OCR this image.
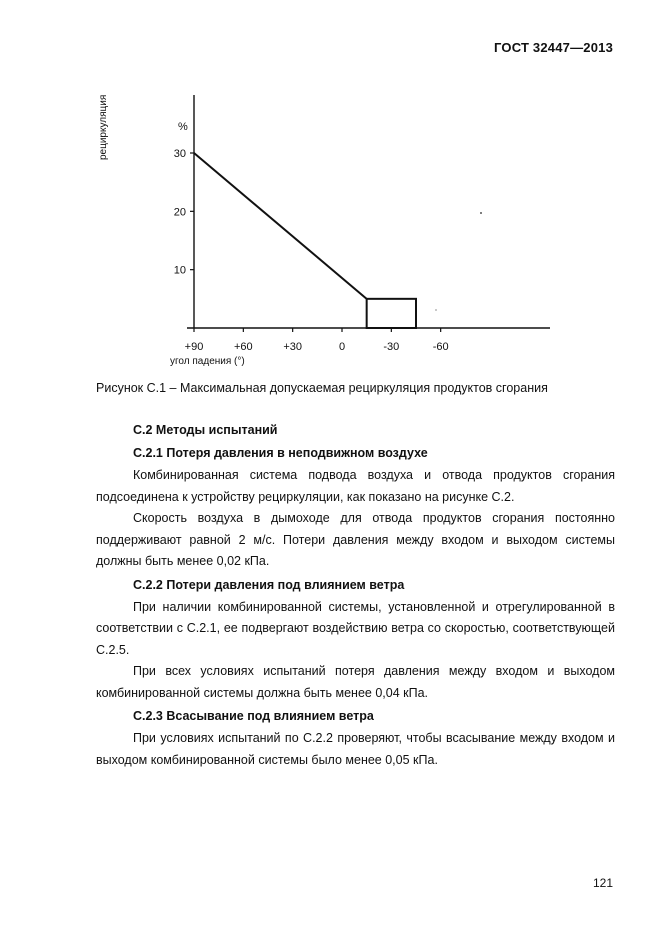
ГОСТ 32447—2013
рециркуляция	%
10
20
30
+90	+60	+30	0	-30	-60
угол падения (°)
Рисунок С.1 – Максимальная допускаемая рециркуляция продуктов сгорания
С.2 Методы испытаний
С.2.1 Потеря давления в неподвижном воздухе

Комбинированная система подвода воздуха и отвода продуктов сгорания подсоединена к устройству рециркуляции, как показано на рисунке С.2.

Скорость воздуха в дымоходе для отвода продуктов сгорания постоянно поддерживают равной 2 м/с. Потери давления между входом и выходом системы должны быть менее 0,02 кПа.

С.2.2 Потери давления под влиянием ветра

При наличии комбинированной системы, установленной и отрегулированной в соответствии с С.2.1, ее подвергают воздействию ветра со скоростью, соответствующей С.2.5.

При всех условиях испытаний потеря давления между входом и выходом комбинированной системы должна быть менее 0,04 кПа.

С.2.3 Всасывание под влиянием ветра

При условиях испытаний по С.2.2 проверяют, чтобы всасывание между входом и выходом комбинированной системы было менее 0,05 кПа.

121
